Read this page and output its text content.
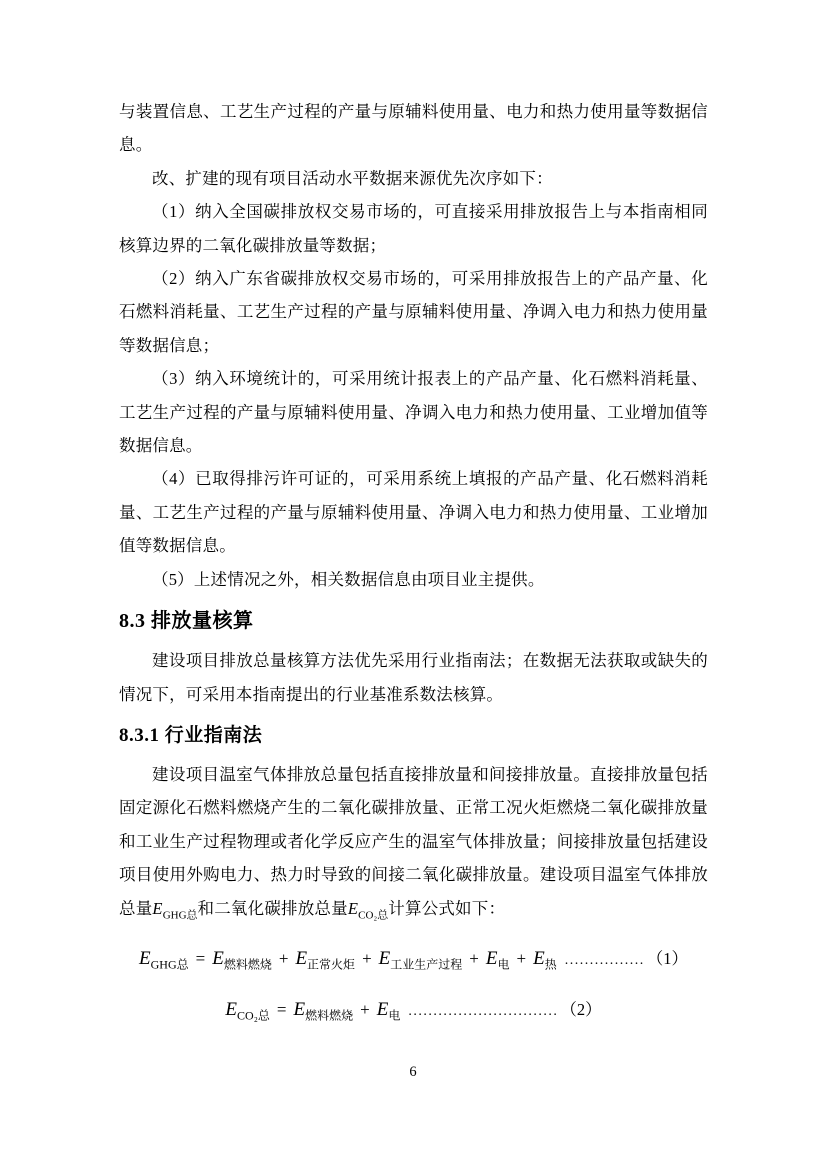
与装置信息、工艺生产过程的产量与原辅料使用量、电力和热力使用量等数据信息。

改、扩建的现有项目活动水平数据来源优先次序如下：

（1）纳入全国碳排放权交易市场的，可直接采用排放报告上与本指南相同核算边界的二氧化碳排放量等数据；

（2）纳入广东省碳排放权交易市场的，可采用排放报告上的产品产量、化石燃料消耗量、工艺生产过程的产量与原辅料使用量、净调入电力和热力使用量等数据信息；

（3）纳入环境统计的，可采用统计报表上的产品产量、化石燃料消耗量、工艺生产过程的产量与原辅料使用量、净调入电力和热力使用量、工业增加值等数据信息。

（4）已取得排污许可证的，可采用系统上填报的产品产量、化石燃料消耗量、工艺生产过程的产量与原辅料使用量、净调入电力和热力使用量、工业增加值等数据信息。

（5）上述情况之外，相关数据信息由项目业主提供。

8.3 排放量核算

建设项目排放总量核算方法优先采用行业指南法；在数据无法获取或缺失的情况下，可采用本指南提出的行业基准系数法核算。

8.3.1 行业指南法

建设项目温室气体排放总量包括直接排放量和间接排放量。直接排放量包括固定源化石燃料燃烧产生的二氧化碳排放量、正常工况火炬燃烧二氧化碳排放量和工业生产过程物理或者化学反应产生的温室气体排放量；间接排放量包括建设项目使用外购电力、热力时导致的间接二氧化碳排放量。建设项目温室气体排放总量$E_{GHG总}$和二氧化碳排放总量$E_{CO_2总}$计算公式如下：

$E_{GHG总} = E_{燃料燃烧} + E_{正常火炬} + E_{工业生产过程} + E_电 + E_热$ ................ （1）
$E_{CO_2总} = E_{燃料燃烧} + E_电$ .............................. （2）
6
